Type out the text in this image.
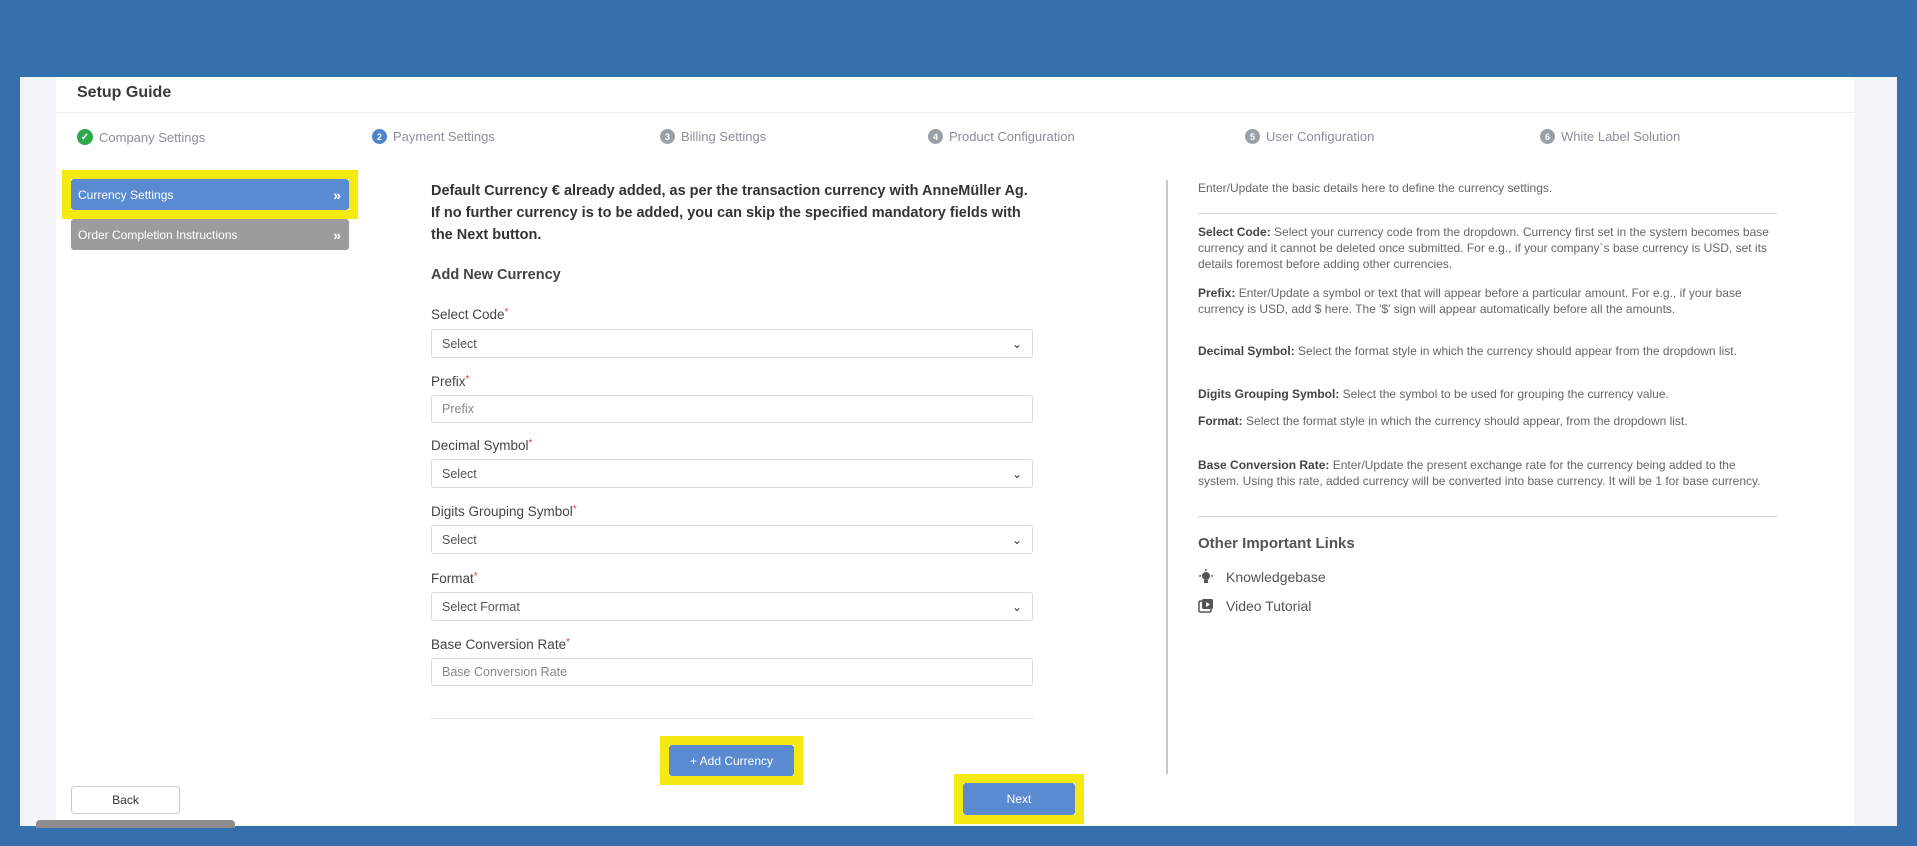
Setup Guide
✓ Company Settings	2 Payment Settings	3 Billing Settings	4 Product Configuration	5 User Configuration	6 White Label Solution
Currency Settings	»
Order Completion Instructions	»
Default Currency € already added, as per the transaction currency with AnneMüller Ag. If no further currency is to be added, you can skip the specified mandatory fields with the Next button.
Add New Currency
Select Code*
Select	⌄
Prefix*
Prefix
Decimal Symbol*
Select	⌄
Digits Grouping Symbol*
Select	⌄
Format*
Select Format	⌄
Base Conversion Rate*
Base Conversion Rate
+ Add Currency
Back	Next
Enter/Update the basic details here to define the currency settings.
Select Code: Select your currency code from the dropdown. Currency first set in the system becomes base currency and it cannot be deleted once submitted. For e.g., if your company`s base currency is USD, set its details foremost before adding other currencies.
Prefix: Enter/Update a symbol or text that will appear before a particular amount. For e.g., if your base currency is USD, add $ here. The '$' sign will appear automatically before all the amounts.
Decimal Symbol: Select the format style in which the currency should appear from the dropdown list.
Digits Grouping Symbol: Select the symbol to be used for grouping the currency value.
Format: Select the format style in which the currency should appear, from the dropdown list.
Base Conversion Rate: Enter/Update the present exchange rate for the currency being added to the system. Using this rate, added currency will be converted into base currency. It will be 1 for base currency.
Other Important Links
Knowledgebase
Video Tutorial
